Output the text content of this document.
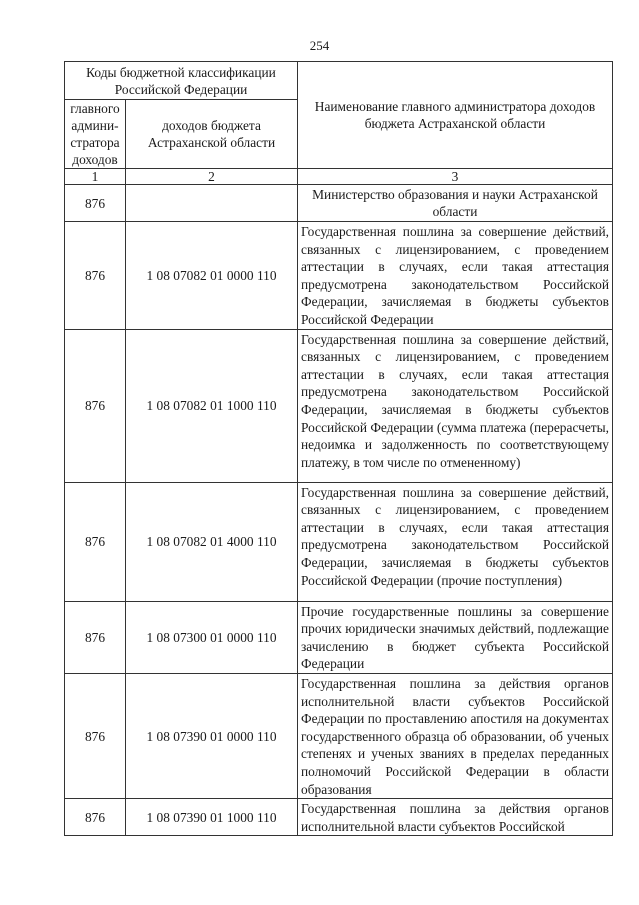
254
Коды бюджетной классификации Российской Федерации		Наименование главного администратора доходов бюджета Астраханской области
главного админи-стратора доходов	доходов бюджета Астраханской области	
1	2	3
876		Министерство образования и науки Астраханской области
876	1 08 07082 01 0000 110	Государственная пошлина за совершение действий, связанных с лицензированием, с проведением аттестации в случаях, если такая аттестация предусмотрена законодательством Российской Федерации, зачисляемая в бюджеты субъектов Российской Федерации
876	1 08 07082 01 1000 110	Государственная пошлина за совершение действий, связанных с лицензированием, с проведением аттестации в случаях, если такая аттестация предусмотрена законодательством Российской Федерации, зачисляемая в бюджеты субъектов Российской Федерации (сумма платежа (перерасчеты, недоимка и задолженность по соответствующему платежу, в том числе по отмененному)
876	1 08 07082 01 4000 110	Государственная пошлина за совершение действий, связанных с лицензированием, с проведением аттестации в случаях, если такая аттестация предусмотрена законодательством Российской Федерации, зачисляемая в бюджеты субъектов Российской Федерации (прочие поступления)
876	1 08 07300 01 0000 110	Прочие государственные пошлины за совершение прочих юридически значимых действий, подлежащие зачислению в бюджет субъекта Российской Федерации
876	1 08 07390 01 0000 110	Государственная пошлина за действия органов исполнительной власти субъектов Российской Федерации по проставлению апостиля на документах государственного образца об образовании, об ученых степенях и ученых званиях в пределах переданных полномочий Российской Федерации в области образования
876	1 08 07390 01 1000 110	Государственная пошлина за действия органов исполнительной власти субъектов Российской
